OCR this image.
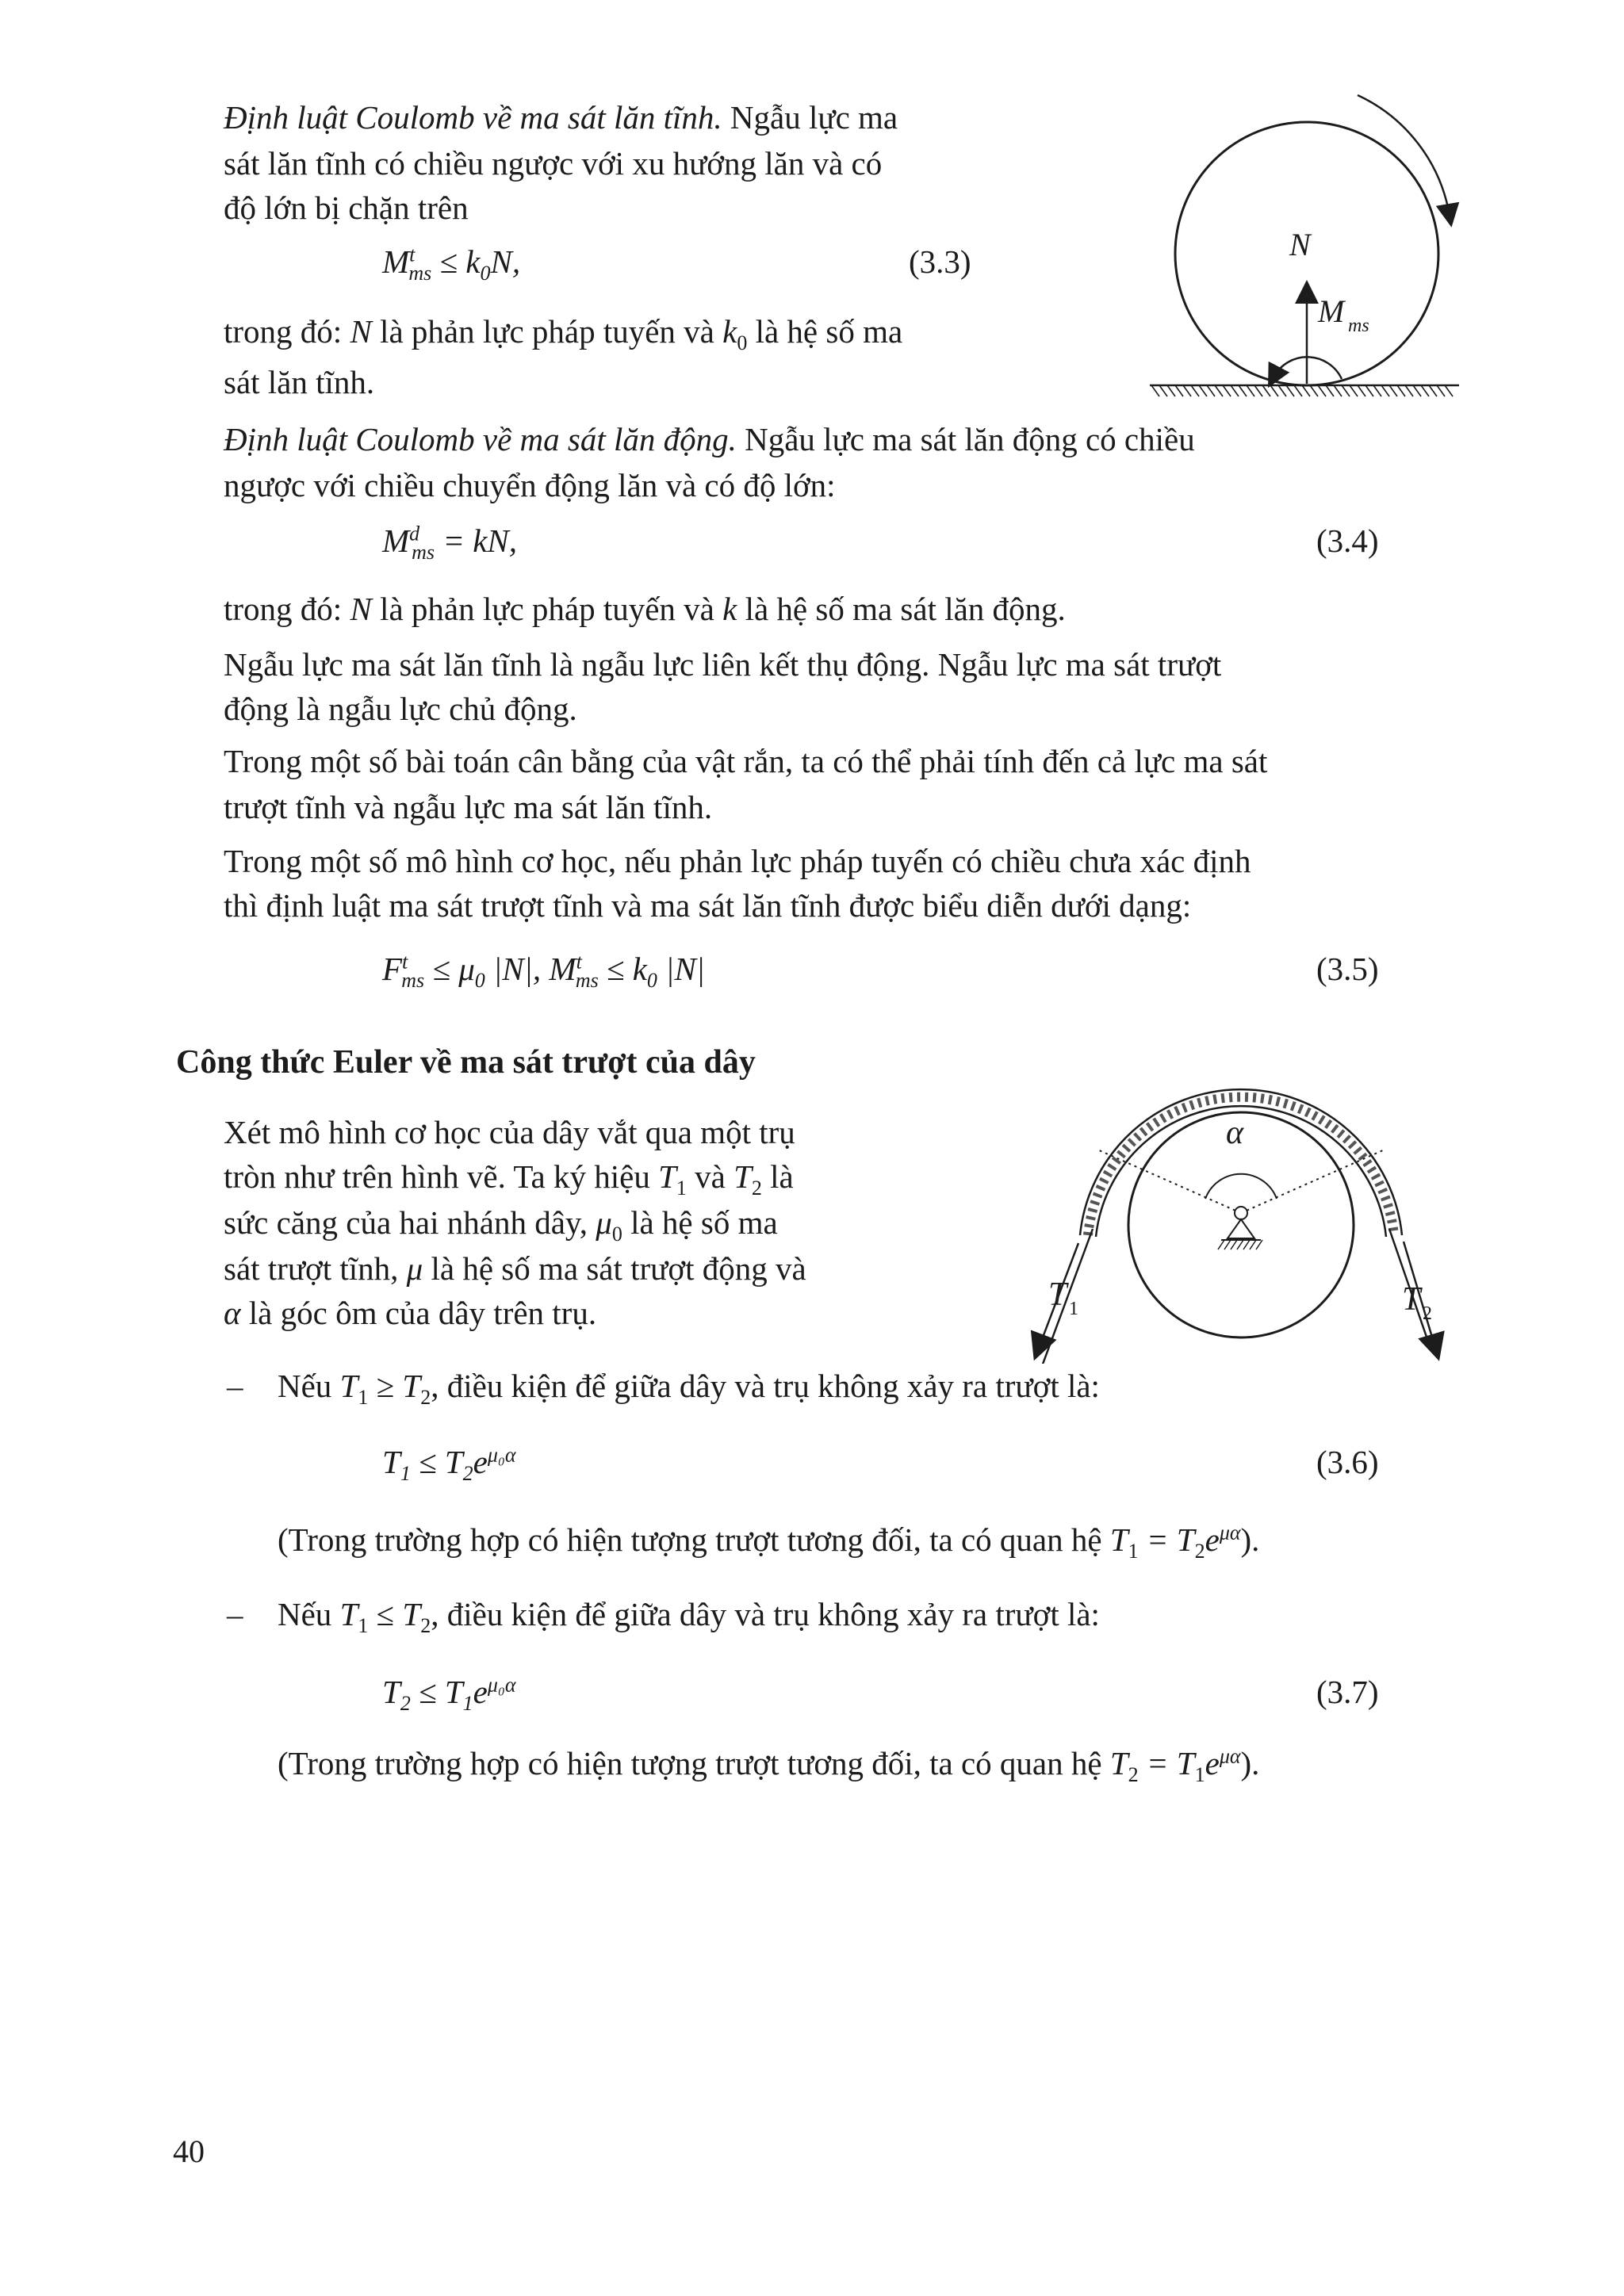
Định luật Coulomb về ma sát lăn tĩnh. Ngẫu lực ma
sát lăn tĩnh có chiều ngược với xu hướng lăn và có
độ lớn bị chặn trên
$M^t_{ms} \le k_0N$,	(3.3)
trong đó: N là phản lực pháp tuyến và $k_0$ là hệ số ma
sát lăn tĩnh.
Định luật Coulomb về ma sát lăn động. Ngẫu lực ma sát lăn động có chiều
ngược với chiều chuyển động lăn và có độ lớn:
$M^d_{ms}$ = kN,	(3.4)
trong đó: N là phản lực pháp tuyến và k là hệ số ma sát lăn động.
Ngẫu lực ma sát lăn tĩnh là ngẫu lực liên kết thụ động. Ngẫu lực ma sát trượt
động là ngẫu lực chủ động.
Trong một số bài toán cân bằng của vật rắn, ta có thể phải tính đến cả lực ma sát
trượt tĩnh và ngẫu lực ma sát lăn tĩnh.
Trong một số mô hình cơ học, nếu phản lực pháp tuyến có chiều chưa xác định
thì định luật ma sát trượt tĩnh và ma sát lăn tĩnh được biểu diễn dưới dạng:
$F^t_{ms} \le \mu_0$ |N|, $M^t_{ms} \le k_0$ |N|	(3.5)
Công thức Euler về ma sát trượt của dây
Xét mô hình cơ học của dây vắt qua một trụ
tròn như trên hình vẽ. Ta ký hiệu $T_1$ và $T_2$ là
sức căng của hai nhánh dây, $\mu_0$ là hệ số ma
sát trượt tĩnh, μ là hệ số ma sát trượt động và
α là góc ôm của dây trên trụ.
– Nếu $T_1 \ge T_2$, điều kiện để giữa dây và trụ không xảy ra trượt là:
$T_1 \le T_2e^{\mu_0\alpha}$	(3.6)
(Trong trường hợp có hiện tượng trượt tương đối, ta có quan hệ $T_1 = T_2e^{\mu\alpha}$).
– Nếu $T_1 \le T_2$, điều kiện để giữa dây và trụ không xảy ra trượt là:
$T_2 \le T_1e^{\mu_0\alpha}$	(3.7)
(Trong trường hợp có hiện tượng trượt tương đối, ta có quan hệ $T_2 = T_1e^{\mu\alpha}$).
N
M ms
α
T 1	T 2
40
